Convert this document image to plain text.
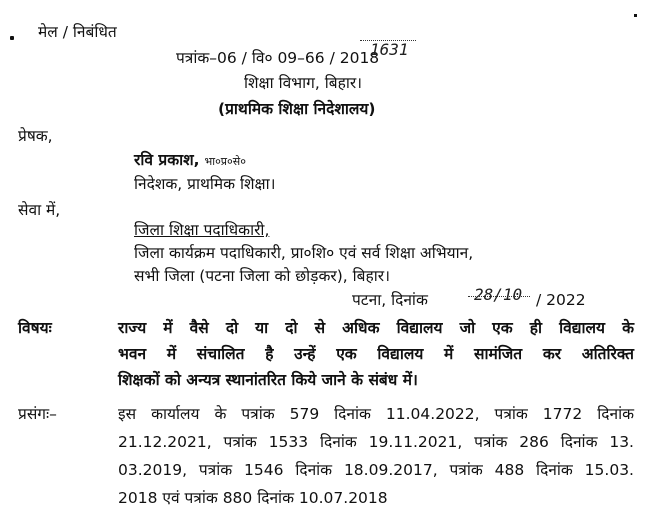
मेल / निबंधित
पत्रांक–06 / वि० 09–66 / 2018
1631
शिक्षा विभाग, बिहार।
(प्राथमिक शिक्षा निदेशालय)
प्रेषक,
रवि प्रकाश, भा०प्र०से०
निदेशक, प्राथमिक शिक्षा।
सेवा में,
जिला शिक्षा पदाधिकारी,
जिला कार्यक्रम पदाधिकारी, प्रा०शि० एवं सर्व शिक्षा अभियान,
सभी जिला (पटना जिला को छोड़कर), बिहार।
पटना, दिनांक	28/10 / 2022
विषयः	राज्य में वैसे दो या दो से अधिक विद्यालय जो एक ही विद्यालय के
भवन में संचालित है उन्हें एक विद्यालय में सामंजित कर अतिरिक्त
शिक्षकों को अन्यत्र स्थानांतरित किये जाने के संबंध में।
प्रसंगः–	इस कार्यालय के पत्रांक 579 दिनांक 11.04.2022, पत्रांक 1772 दिनांक
21.12.2021, पत्रांक 1533 दिनांक 19.11.2021, पत्रांक 286 दिनांक 13.
03.2019, पत्रांक 1546 दिनांक 18.09.2017, पत्रांक 488 दिनांक 15.03.
2018 एवं पत्रांक 880 दिनांक 10.07.2018
